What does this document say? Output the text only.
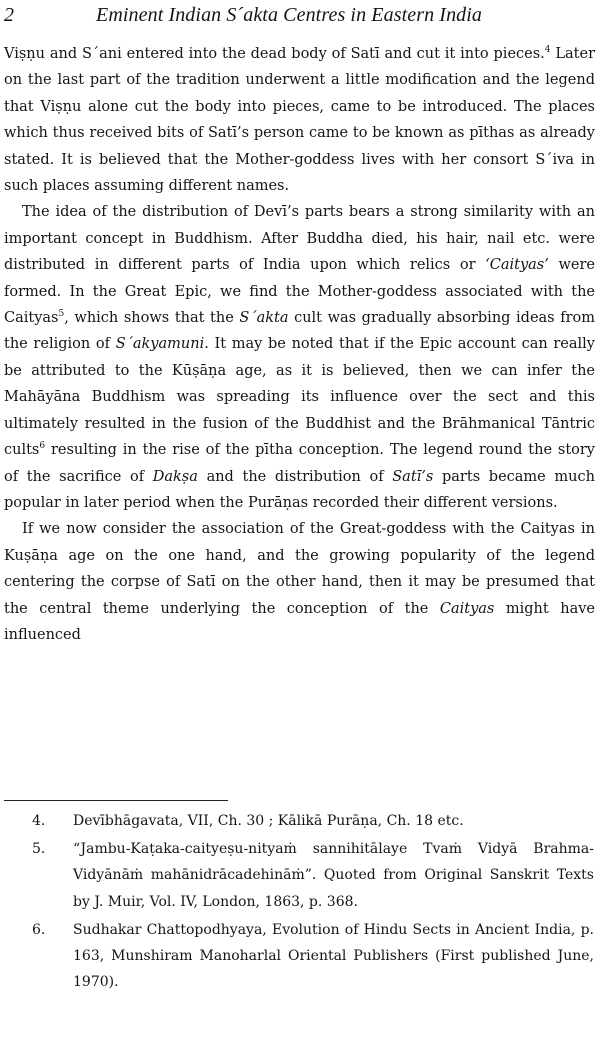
2	Eminent Indian S´akta Centres in Eastern India

Viṣṇu and S´ani entered into the dead body of Satī and cut it into pieces.$^4$ Later on the last part of the tradition underwent a little modification and the legend that Viṣṇu alone cut the body into pieces, came to be introduced. The places which thus received bits of Satī’s person came to be known as pīthas as already stated. It is believed that the Mother-goddess lives with her consort S´iva in such places assuming different names.

The idea of the distribution of Devī’s parts bears a strong similarity with an important concept in Buddhism. After Buddha died, his hair, nail etc. were distributed in different parts of India upon which relics or ‘Caityas’ were formed. In the Great Epic, we find the Mother-goddess associated with the Caityas$^5$, which shows that the S´akta cult was gradually absorbing ideas from the religion of S´akyamuni. It may be noted that if the Epic account can really be attributed to the Kūṣāṇa age, as it is believed, then we can infer the Mahāyāna Buddhism was spreading its influence over the sect and this ultimately resulted in the fusion of the Buddhist and the Brāhmanical Tāntric cults$^6$ resulting in the rise of the pītha conception. The legend round the story of the sacrifice of Dakṣa and the distribution of Satī’s parts became much popular in later period when the Purāṇas recorded their different versions.

If we now consider the association of the Great-goddess with the Caityas in Kuṣāṇa age on the one hand, and the growing popularity of the legend centering the corpse of Satī on the other hand, then it may be presumed that the central theme underlying the conception of the Caityas might have influenced

4. Devībhāgavata, VII, Ch. 30 ; Kālikā Purāṇa, Ch. 18 etc.
5. “Jambu-Kaṭaka-caityeṣu-nityaṁ sannihitālaye Tvaṁ Vidyā Brahma-Vidyānāṁ mahānidrācadehināṁ”. Quoted from Original Sanskrit Texts by J. Muir, Vol. IV, London, 1863, p. 368.
6. Sudhakar Chattopodhyaya, Evolution of Hindu Sects in Ancient India, p. 163, Munshiram Manoharlal Oriental Publishers (First published June, 1970).
